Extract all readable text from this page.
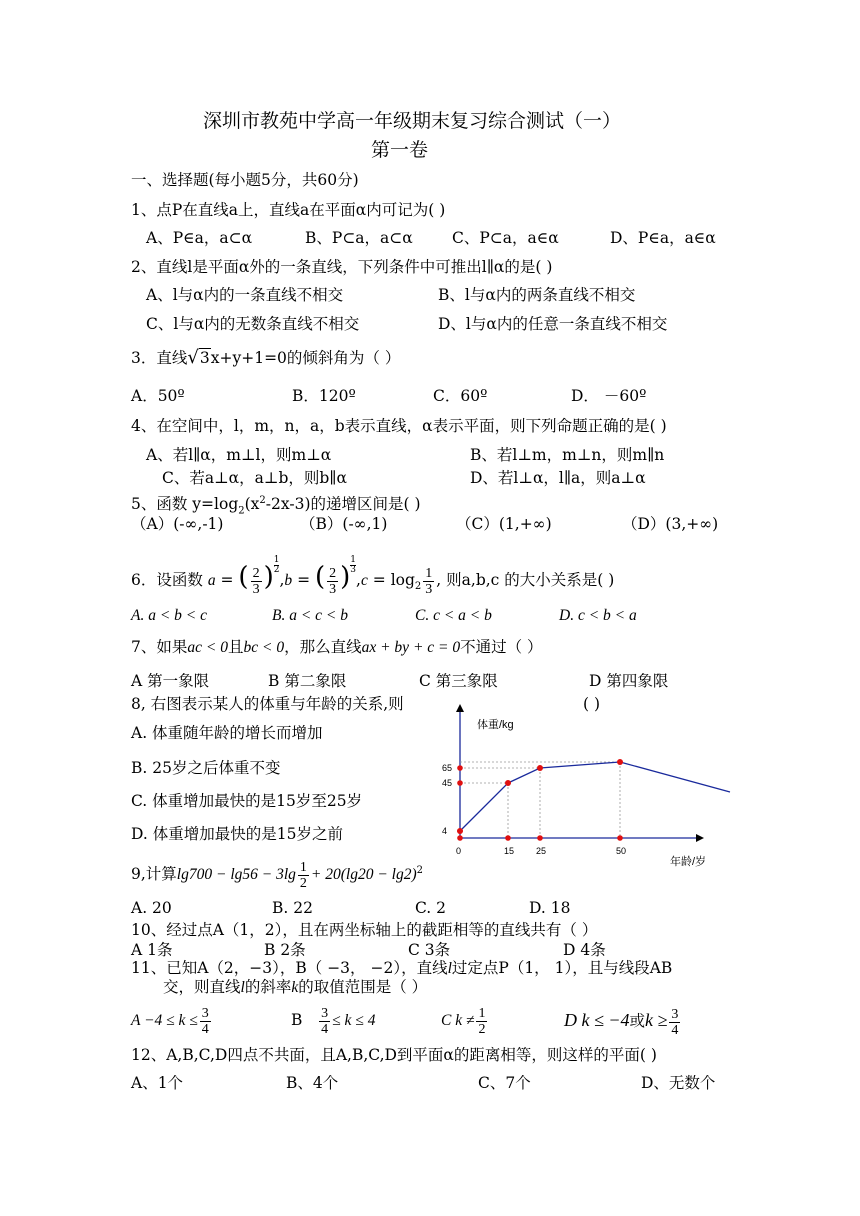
深圳市教苑中学高一年级期末复习综合测试（一）
第一卷
一、选择题(每小题5分，共60分)
1、点P在直线a上，直线a在平面α内可记为( )
A、P∈a，a⊂α	B、P⊂a，a⊂α	C、P⊂a，a∈α	D、P∈a，a∈α
2、直线l是平面α外的一条直线，下列条件中可推出l∥α的是( )
A、l与α内的一条直线不相交	B、l与α内的两条直线不相交
C、l与α内的无数条直线不相交	D、l与α内的任意一条直线不相交
3．直线√3x+y+1=0的倾斜角为（ ）
A．50º	B．120º	C．60º	D． －60º
4、在空间中，l，m，n，a，b表示直线，α表示平面，则下列命题正确的是( )
A、若l∥α，m⊥l，则m⊥α	B、若l⊥m，m⊥n，则m∥n
C、若a⊥α，a⊥b，则b∥α	D、若l⊥α，l∥a，则a⊥α
5、函数 $y=\log_2(x^2-2x-3)$的递增区间是( )
（A）(-∞,-1)	（B）(-∞,1)	（C）(1,+∞)	（D）(3,+∞)
6．设函数 a = ( $\frac{2}{3}$ ) $\frac{1}{2}$
,b = ( $\frac{2}{3}$ ) $\frac{1}{3}$
$,c = \log_2 \frac{1}{3}$ , 则a,b,c 的大小关系是( )
A. a < b < c	B. a < c < b	C. c < a < b	D. c < b < a
7、如果ac < 0且bc < 0，那么直线ax + by + c = 0不通过（ ）
A 第一象限	B 第二象限	C 第三象限	D 第四象限
8, 右图表示某人的体重与年龄的关系,则	( )
A. 体重随年龄的增长而增加
B. 25岁之后体重不变
C. 体重增加最快的是15岁至25岁
D. 体重增加最快的是15岁之前
体重/kg
年龄/岁
0	15 25	50
4
45
65
9,计算$\lg 700 - \lg 56 - 3\lg \frac{1}{2} + 20(\lg 20 - \lg 2)^2$
A. 20	B. 22	C. 2	D. 18
10、经过点A（1，2），且在两坐标轴上的截距相等的直线共有（ ）
A 1条	B 2条	C 3条	D 4条
11、已知A（2，−3），B（ −3， −2），直线l过定点P（1， 1），且与线段AB
交，则直线l的斜率k的取值范围是（ ）
$A -4 \le k \le \frac{3}{4}$	B $\frac{3}{4} \le k \le 4$	C $k \ne \frac{1}{2}$	D k ≤ −4或$k \ge \frac{3}{4}$
12、A,B,C,D四点不共面，且A,B,C,D到平面α的距离相等，则这样的平面( )
A、1个	B、4个	C、7个	D、无数个
